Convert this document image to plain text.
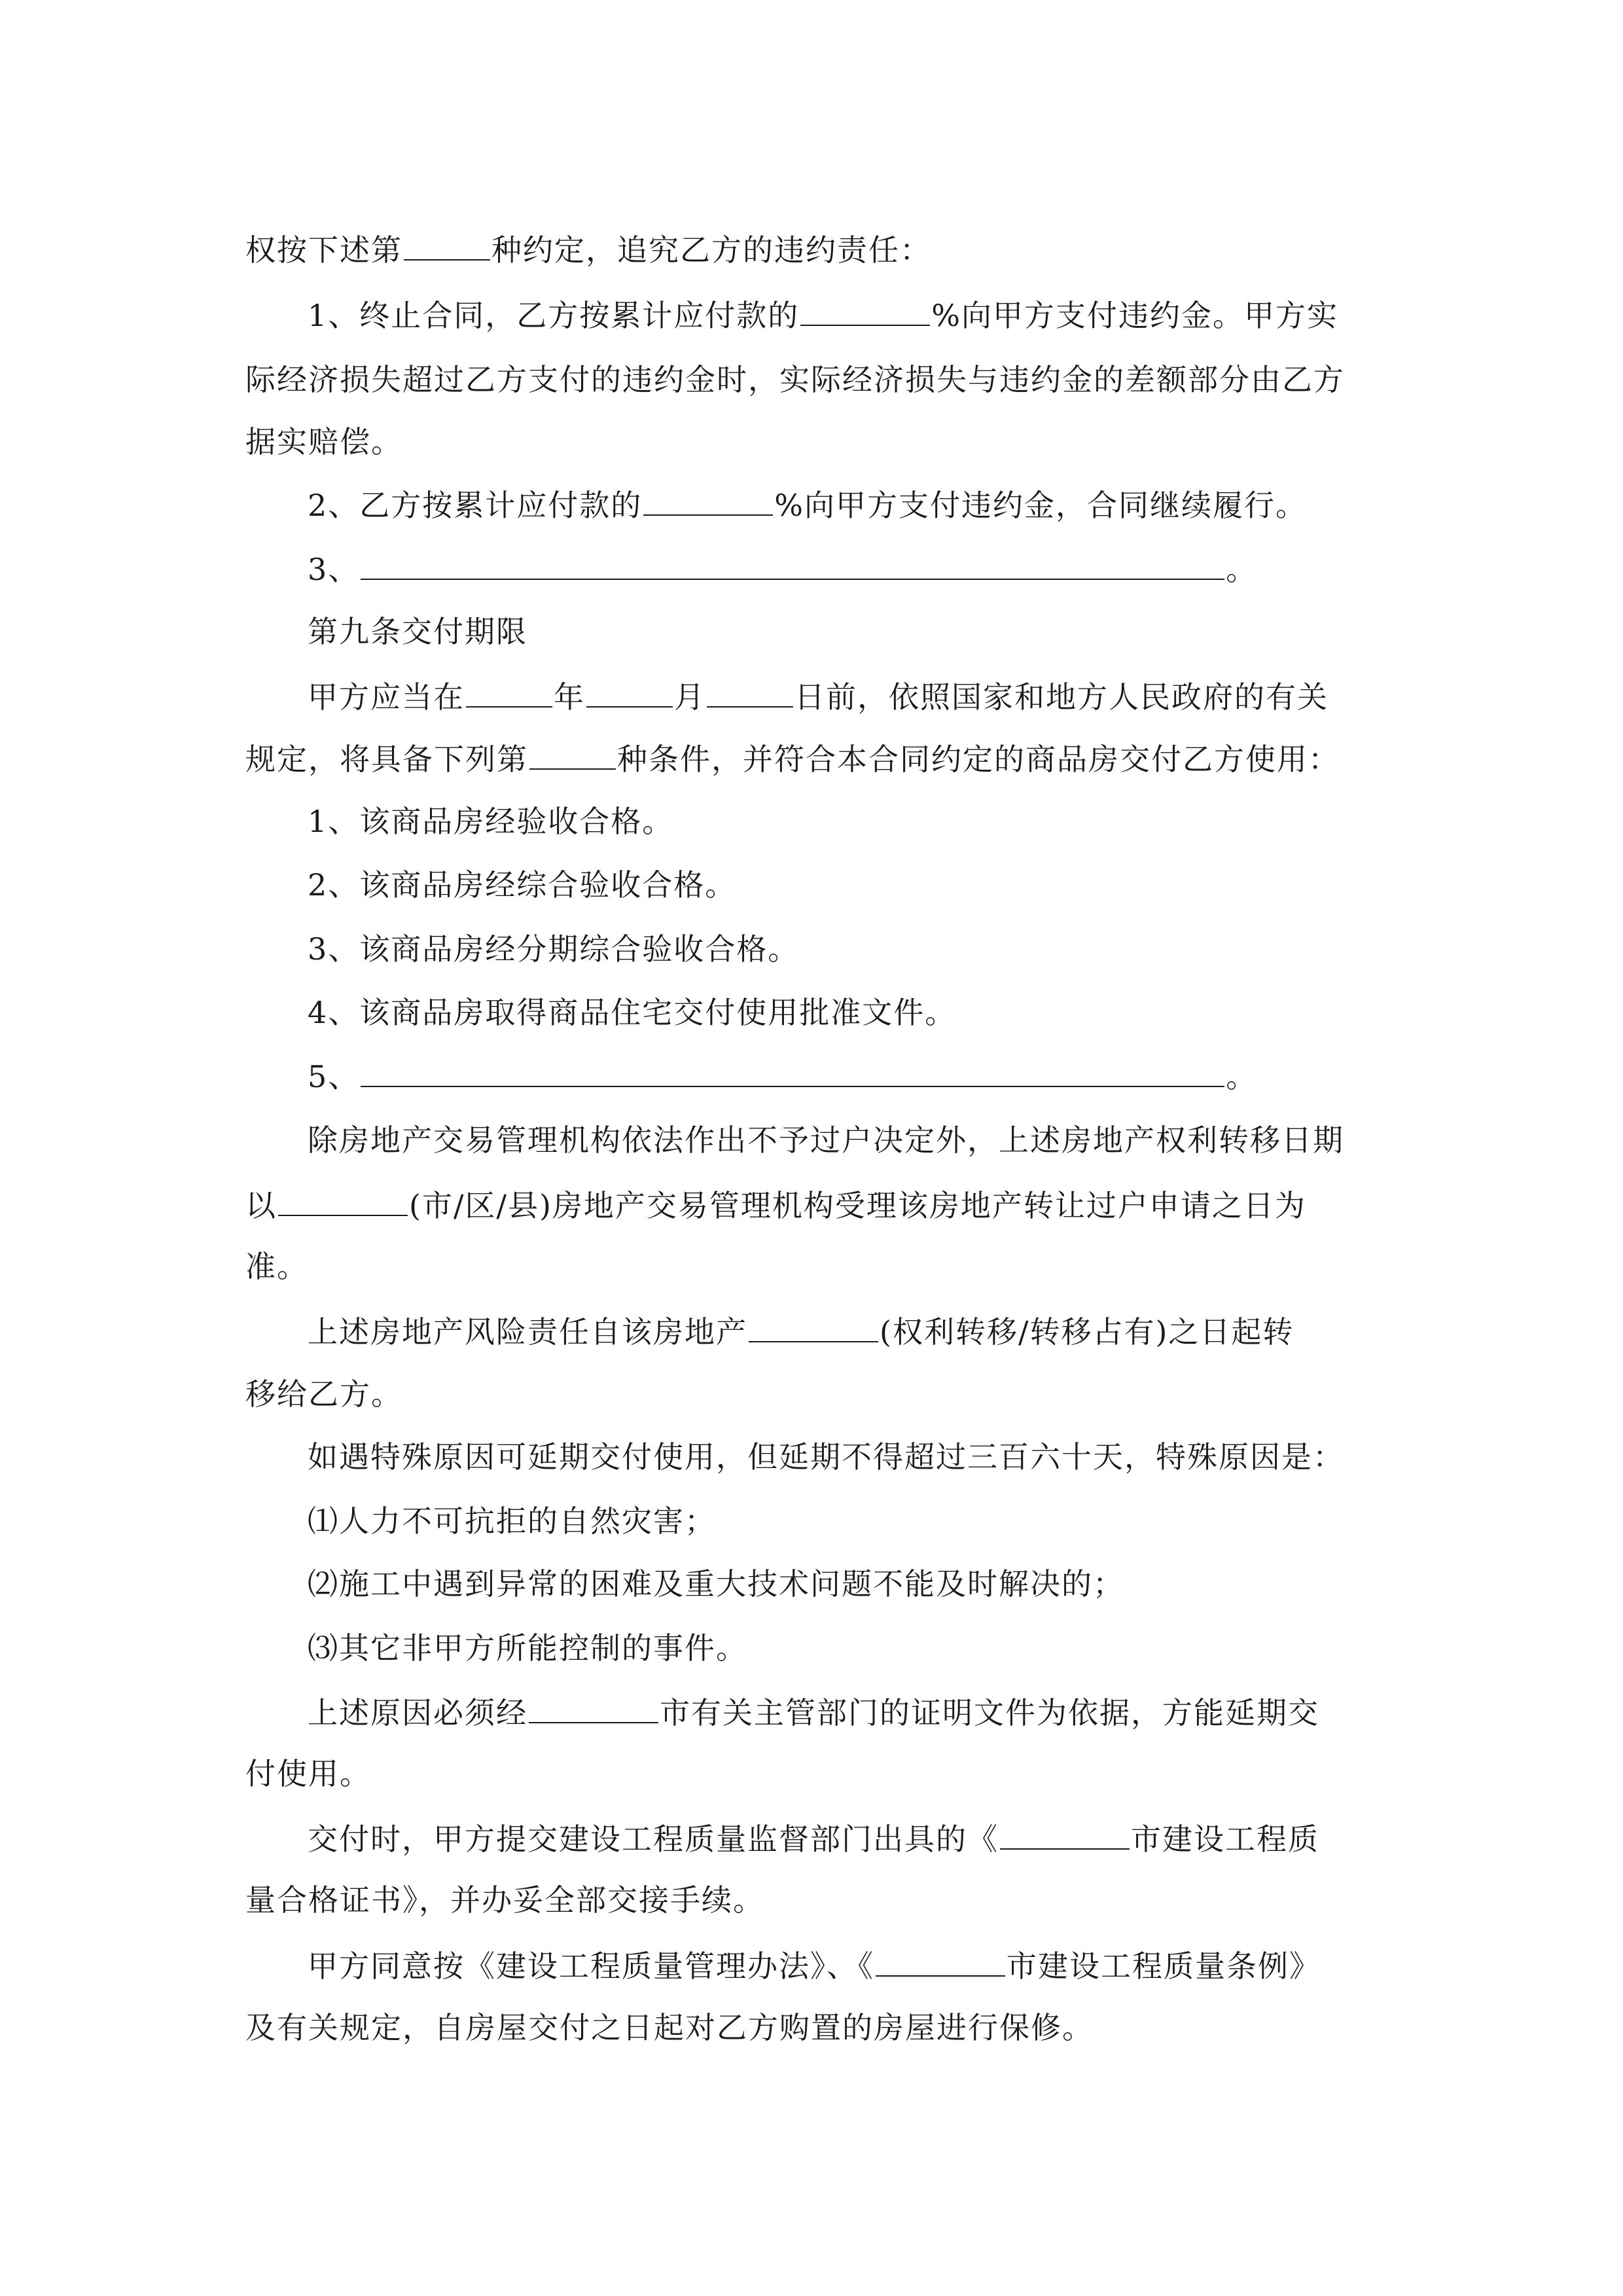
权按下述第	种约定，追究乙方的违约责任：
1、终止合同，乙方按累计应付款的	%向甲方支付违约金。甲方实
际经济损失超过乙方支付的违约金时，实际经济损失与违约金的差额部分由乙方
据实赔偿。
2、乙方按累计应付款的	%向甲方支付违约金，合同继续履行。
3、	。
第九条交付期限
甲方应当在	年	月	日前，依照国家和地方人民政府的有关
规定，将具备下列第	种条件，并符合本合同约定的商品房交付乙方使用：
1、该商品房经验收合格。
2、该商品房经综合验收合格。
3、该商品房经分期综合验收合格。
4、该商品房取得商品住宅交付使用批准文件。
5、	。
除房地产交易管理机构依法作出不予过户决定外，上述房地产权利转移日期
以	(市/区/县)房地产交易管理机构受理该房地产转让过户申请之日为
准。
上述房地产风险责任自该房地产	(权利转移/转移占有)之日起转
移给乙方。
如遇特殊原因可延期交付使用，但延期不得超过三百六十天，特殊原因是：
⑴人力不可抗拒的自然灾害；
⑵施工中遇到异常的困难及重大技术问题不能及时解决的；
⑶其它非甲方所能控制的事件。
上述原因必须经	市有关主管部门的证明文件为依据，方能延期交
付使用。
交付时，甲方提交建设工程质量监督部门出具的《	市建设工程质
量合格证书》，并办妥全部交接手续。
甲方同意按《建设工程质量管理办法》、《	市建设工程质量条例》
及有关规定，自房屋交付之日起对乙方购置的房屋进行保修。
